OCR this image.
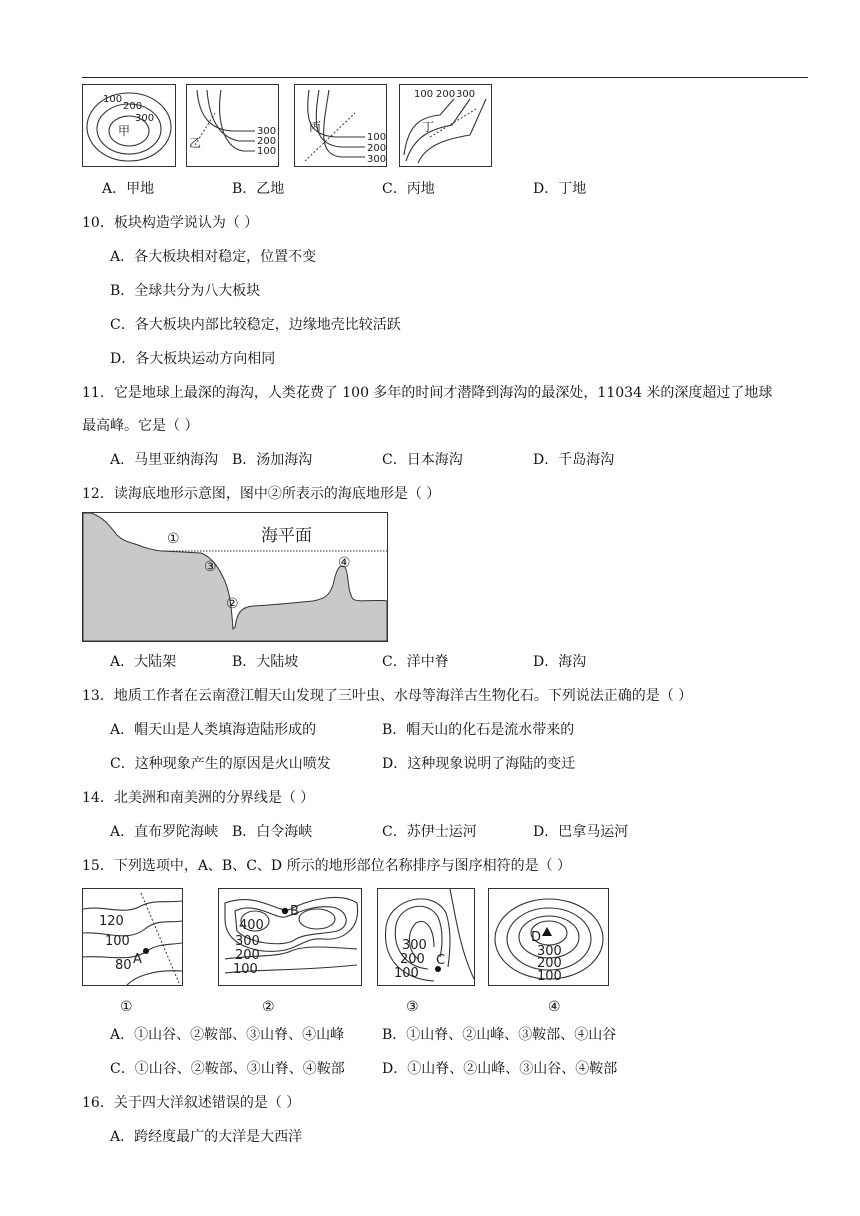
100
200
300
甲	300
200
100
乙
丙
100
200
300
100 200 300
丁
A．甲地	B．乙地	C．丙地	D．丁地
10．板块构造学说认为（ ）
A．各大板块相对稳定，位置不变
B．全球共分为八大板块
C．各大板块内部比较稳定，边缘地壳比较活跃
D．各大板块运动方向相同
11．它是地球上最深的海沟，人类花费了 100 多年的时间才潜降到海沟的最深处，11034 米的深度超过了地球
最高峰。它是（ ）
A．马里亚纳海沟 B．汤加海沟	C．日本海沟	D．千岛海沟
12．读海底地形示意图，图中②所表示的海底地形是（ ）
海平面
①
②
③	④
A．大陆架	B．大陆坡	C．洋中脊	D．海沟
13．地质工作者在云南澄江帽天山发现了三叶虫、水母等海洋古生物化石。下列说法正确的是（ ）
A．帽天山是人类填海造陆形成的	B．帽天山的化石是流水带来的
C．这种现象产生的原因是火山喷发	D．这种现象说明了海陆的变迁
14．北美洲和南美洲的分界线是（ ）
A．直布罗陀海峡 B．白令海峡	C．苏伊士运河	D．巴拿马运河
15．下列选项中，A、B、C、D 所示的地形部位名称排序与图序相符的是（ ）
120
100
80 A
①
400
300
200
100
B
②
300
200
100
C
③
D
300
200
100
④
A．①山谷、②鞍部、③山脊、④山峰	B．①山脊、②山峰、③鞍部、④山谷
C．①山谷、②鞍部、③山脊、④鞍部	D．①山脊、②山峰、③山谷、④鞍部
16．关于四大洋叙述错误的是（ ）
A．跨经度最广的大洋是大西洋
